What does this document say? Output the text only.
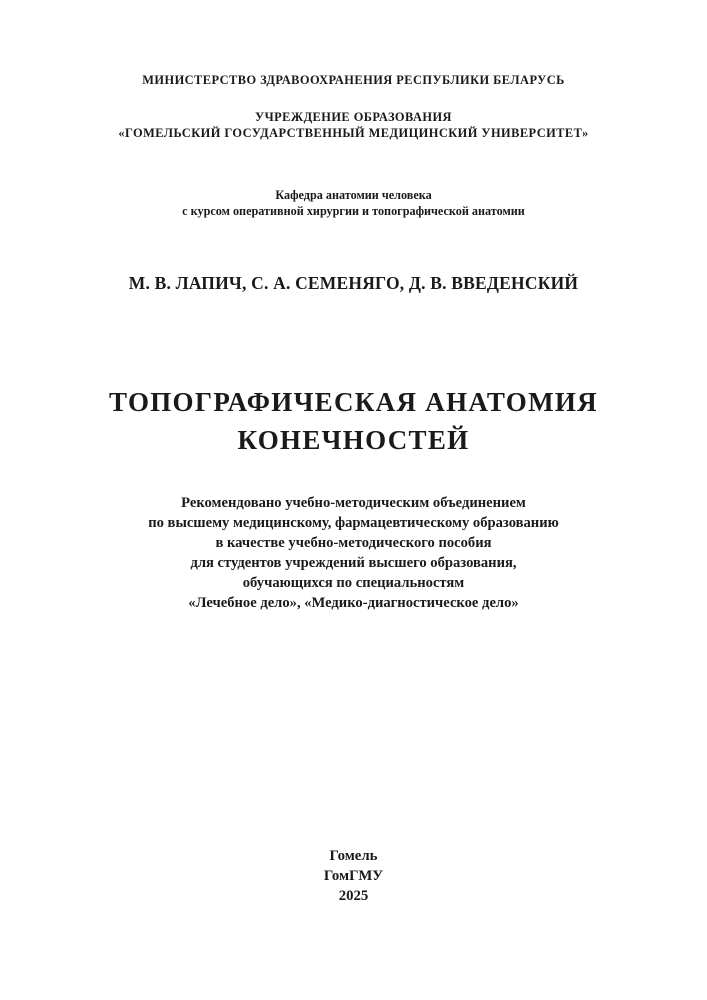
МИНИСТЕРСТВО ЗДРАВООХРАНЕНИЯ РЕСПУБЛИКИ БЕЛАРУСЬ
УЧРЕЖДЕНИЕ ОБРАЗОВАНИЯ
«ГОМЕЛЬСКИЙ ГОСУДАРСТВЕННЫЙ МЕДИЦИНСКИЙ УНИВЕРСИТЕТ»
Кафедра анатомии человека
с курсом оперативной хирургии и топографической анатомии
М. В. ЛАПИЧ, С. А. СЕМЕНЯГО, Д. В. ВВЕДЕНСКИЙ
ТОПОГРАФИЧЕСКАЯ АНАТОМИЯ
КОНЕЧНОСТЕЙ
Рекомендовано учебно-методическим объединением
по высшему медицинскому, фармацевтическому образованию
в качестве учебно-методического пособия
для студентов учреждений высшего образования,
обучающихся по специальностям
«Лечебное дело», «Медико-диагностическое дело»
Гомель
ГомГМУ
2025
